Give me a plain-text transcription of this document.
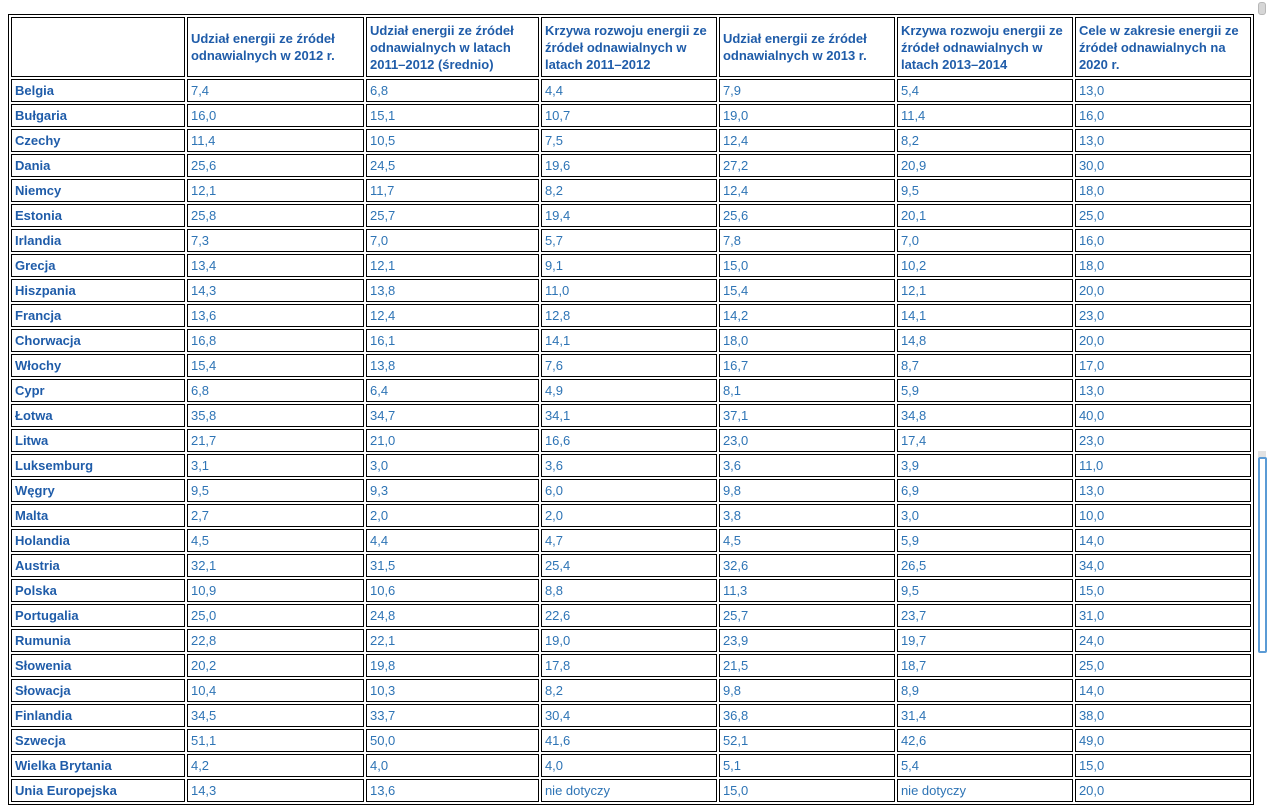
	Udział energii ze źródeł odnawialnych w 2012 r.	Udział energii ze źródeł odnawialnych w latach 2011–2012 (średnio)	Krzywa rozwoju energii ze źródeł odnawialnych w latach 2011–2012	Udział energii ze źródeł odnawialnych w 2013 r.	Krzywa rozwoju energii ze źródeł odnawialnych w latach 2013–2014	Cele w zakresie energii ze źródeł odnawialnych na 2020 r.
Belgia	7,4	6,8	4,4	7,9	5,4	13,0
Bułgaria	16,0	15,1	10,7	19,0	11,4	16,0
Czechy	11,4	10,5	7,5	12,4	8,2	13,0
Dania	25,6	24,5	19,6	27,2	20,9	30,0
Niemcy	12,1	11,7	8,2	12,4	9,5	18,0
Estonia	25,8	25,7	19,4	25,6	20,1	25,0
Irlandia	7,3	7,0	5,7	7,8	7,0	16,0
Grecja	13,4	12,1	9,1	15,0	10,2	18,0
Hiszpania	14,3	13,8	11,0	15,4	12,1	20,0
Francja	13,6	12,4	12,8	14,2	14,1	23,0
Chorwacja	16,8	16,1	14,1	18,0	14,8	20,0
Włochy	15,4	13,8	7,6	16,7	8,7	17,0
Cypr	6,8	6,4	4,9	8,1	5,9	13,0
Łotwa	35,8	34,7	34,1	37,1	34,8	40,0
Litwa	21,7	21,0	16,6	23,0	17,4	23,0
Luksemburg	3,1	3,0	3,6	3,6	3,9	11,0
Węgry	9,5	9,3	6,0	9,8	6,9	13,0
Malta	2,7	2,0	2,0	3,8	3,0	10,0
Holandia	4,5	4,4	4,7	4,5	5,9	14,0
Austria	32,1	31,5	25,4	32,6	26,5	34,0
Polska	10,9	10,6	8,8	11,3	9,5	15,0
Portugalia	25,0	24,8	22,6	25,7	23,7	31,0
Rumunia	22,8	22,1	19,0	23,9	19,7	24,0
Słowenia	20,2	19,8	17,8	21,5	18,7	25,0
Słowacja	10,4	10,3	8,2	9,8	8,9	14,0
Finlandia	34,5	33,7	30,4	36,8	31,4	38,0
Szwecja	51,1	50,0	41,6	52,1	42,6	49,0
Wielka Brytania	4,2	4,0	4,0	5,1	5,4	15,0
Unia Europejska	14,3	13,6	nie dotyczy	15,0	nie dotyczy	20,0
